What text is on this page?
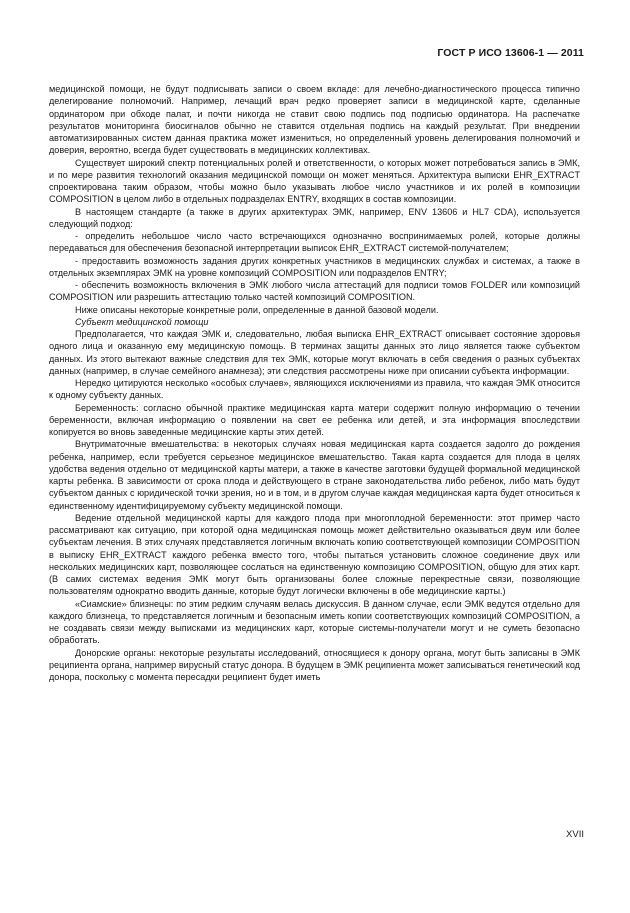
ГОСТ Р ИСО 13606-1 — 2011

медицинской помощи, не будут подписывать записи о своем вкладе: для лечебно-диагностического процесса типично делегирование полномочий. Например, лечащий врач редко проверяет записи в медицинской карте, сделанные ординатором при обходе палат, и почти никогда не ставит свою подпись под подписью ординатора. На распечатке результатов мониторинга биосигналов обычно не ставится отдельная подпись на каждый результат. При внедрении автоматизированных систем данная практика может измениться, но определенный уровень делегирования полномочий и доверия, вероятно, всегда будет существовать в медицинских коллективах.

Существует широкий спектр потенциальных ролей и ответственности, о которых может потребоваться запись в ЭМК, и по мере развития технологий оказания медицинской помощи он может меняться. Архитектура выписки EHR_EXTRACT спроектирована таким образом, чтобы можно было указывать любое число участников и их ролей в композиции COMPOSITION в целом либо в отдельных подразделах ENTRY, входящих в состав композиции.

В настоящем стандарте (а также в других архитектурах ЭМК, например, ENV 13606 и HL7 CDA), используется следующий подход:

- определить небольшое число часто встречающихся однозначно воспринимаемых ролей, которые должны передаваться для обеспечения безопасной интерпретации выписок EHR_EXTRACT системой-получателем;

- предоставить возможность задания других конкретных участников в медицинских службах и системах, а также в отдельных экземплярах ЭМК на уровне композиций COMPOSITION или подразделов ENTRY;

- обеспечить возможность включения в ЭМК любого числа аттестаций для подписи томов FOLDER или композиций COMPOSITION или разрешить аттестацию только частей композиций COMPOSITION.

Ниже описаны некоторые конкретные роли, определенные в данной базовой модели.

Субъект медицинской помощи

Предполагается, что каждая ЭМК и, следовательно, любая выписка EHR_EXTRACT описывает состояние здоровья одного лица и оказанную ему медицинскую помощь. В терминах защиты данных это лицо является также субъектом данных. Из этого вытекают важные следствия для тех ЭМК, которые могут включать в себя сведения о разных субъектах данных (например, в случае семейного анамнеза); эти следствия рассмотрены ниже при описании субъекта информации.

Нередко цитируются несколько «особых случаев», являющихся исключениями из правила, что каждая ЭМК относится к одному субъекту данных.

Беременность: согласно обычной практике медицинская карта матери содержит полную информацию о течении беременности, включая информацию о появлении на свет ее ребенка или детей, и эта информация впоследствии копируется во вновь заведенные медицинские карты этих детей.

Внутриматочные вмешательства: в некоторых случаях новая медицинская карта создается задолго до рождения ребенка, например, если требуется серьезное медицинское вмешательство. Такая карта создается для плода в целях удобства ведения отдельно от медицинской карты матери, а также в качестве заготовки будущей формальной медицинской карты ребенка. В зависимости от срока плода и действующего в стране законодательства либо ребенок, либо мать будут субъектом данных с юридической точки зрения, но и в том, и в другом случае каждая медицинская карта будет относиться к единственному идентифицируемому субъекту медицинской помощи.

Ведение отдельной медицинской карты для каждого плода при многоплодной беременности: этот пример часто рассматривают как ситуацию, при которой одна медицинская помощь может действительно оказываться двум или более субъектам лечения. В этих случаях представляется логичным включать копию соответствующей композиции COMPOSITION в выписку EHR_EXTRACT каждого ребенка вместо того, чтобы пытаться установить сложное соединение двух или нескольких медицинских карт, позволяющее сослаться на единственную композицию COMPOSITION, общую для этих карт. (В самих системах ведения ЭМК могут быть организованы более сложные перекрестные связи, позволяющие пользователям однократно вводить данные, которые будут логически включены в обе медицинские карты.)

«Сиамские» близнецы: по этим редким случаям велась дискуссия. В данном случае, если ЭМК ведутся отдельно для каждого близнеца, то представляется логичным и безопасным иметь копии соответствующих композиций COMPOSITION, а не создавать связи между выписками из медицинских карт, которые системы-получатели могут и не суметь безопасно обработать.

Донорские органы: некоторые результаты исследований, относящиеся к донору органа, могут быть записаны в ЭМК реципиента органа, например вирусный статус донора. В будущем в ЭМК реципиента может записываться генетический код донора, поскольку с момента пересадки реципиент будет иметь

XVII
